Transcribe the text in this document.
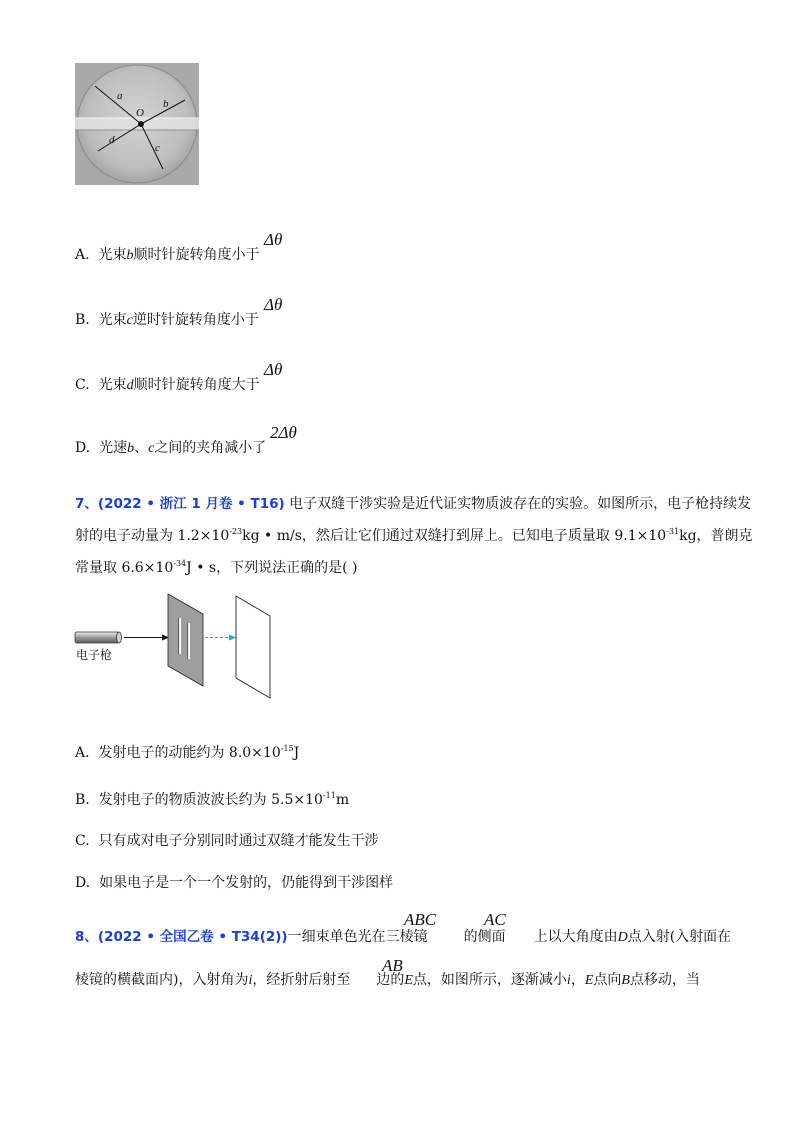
a
O
b
d
c
A. 光束b顺时针旋转角度小于
Δθ
B. 光束c逆时针旋转角度小于
Δθ
C. 光束d顺时针旋转角度大于
Δθ
D. 光速b、c之间的夹角减小了
2Δθ
7、(2022 • 浙江 1 月卷 • T16) 电子双缝干涉实验是近代证实物质波存在的实验。如图所示，电子枪持续发
射的电子动量为 $1.2\times 10^{-23}kg$ • m/s，然后让它们通过双缝打到屏上。已知电子质量取 $9.1\times 10^{-31}kg$，普朗克
常量取 $6.6\times 10^{-34}J$ • s，下列说法正确的是( )
电子枪
A. 发射电子的动能约为 $8.0\times 10^{-15}J$
B. 发射电子的物质波波长约为 $5.5\times 10^{-11}m$
C. 只有成对电子分别同时通过双缝才能发生干涉
D. 如果电子是一个一个发射的，仍能得到干涉图样
8、(2022 • 全国乙卷 • T34(2))一细束单色光在三棱镜	的侧面 上以大角度由D点入射(入射面在
ABC	AC
棱镜的横截面内)，入射角为i，经折射后射至 边的E点，如图所示，逐渐减小i，E点向B点移动，当
AB
